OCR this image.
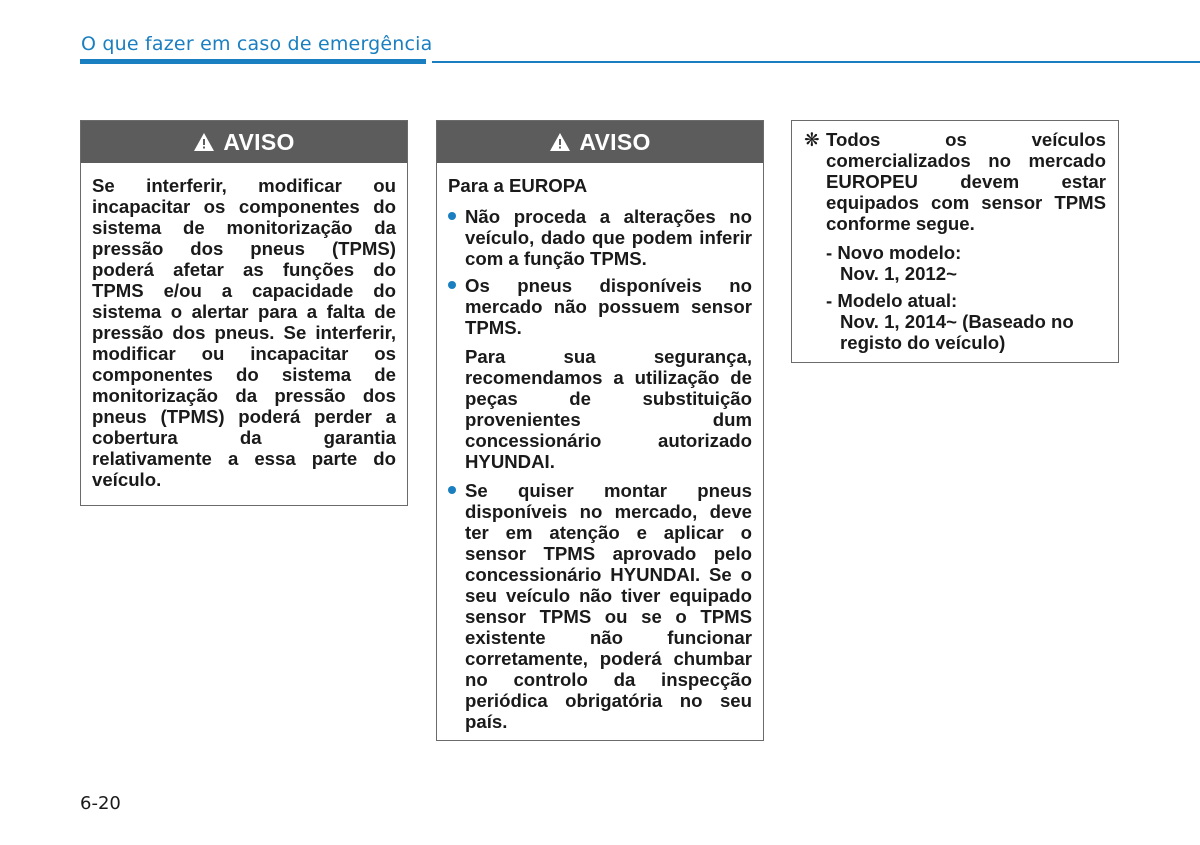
O que fazer em caso de emergência
AVISO
Se interferir, modificar ou incapacitar os componentes do sistema de monitorização da pressão dos pneus (TPMS) poderá afetar as funções do TPMS e/ou a capacidade do sistema o alertar para a falta de pressão dos pneus. Se interferir, modificar ou incapacitar os componentes do sistema de monitorização da pressão dos pneus (TPMS) poderá perder a cobertura da garantia relativamente a essa parte do veículo.
AVISO
Para a EUROPA
Não proceda a alterações no veículo, dado que podem inferir com a função TPMS.
Os pneus disponíveis no mercado não possuem sensor TPMS.
Para sua segurança, recomendamos a utilização de peças de substituição provenientes dum concessionário autorizado HYUNDAI.
Se quiser montar pneus disponíveis no mercado, deve ter em atenção e aplicar o sensor TPMS aprovado pelo concessionário HYUNDAI. Se o seu veículo não tiver equipado sensor TPMS ou se o TPMS existente não funcionar corretamente, poderá chumbar no controlo da inspecção periódica obrigatória no seu país.
❋ Todos os veículos comercializados no mercado EUROPEU devem estar equipados com sensor TPMS conforme segue.
- Novo modelo:
Nov. 1, 2012~
- Modelo atual:
Nov. 1, 2014~ (Baseado no registo do veículo)
6-20
